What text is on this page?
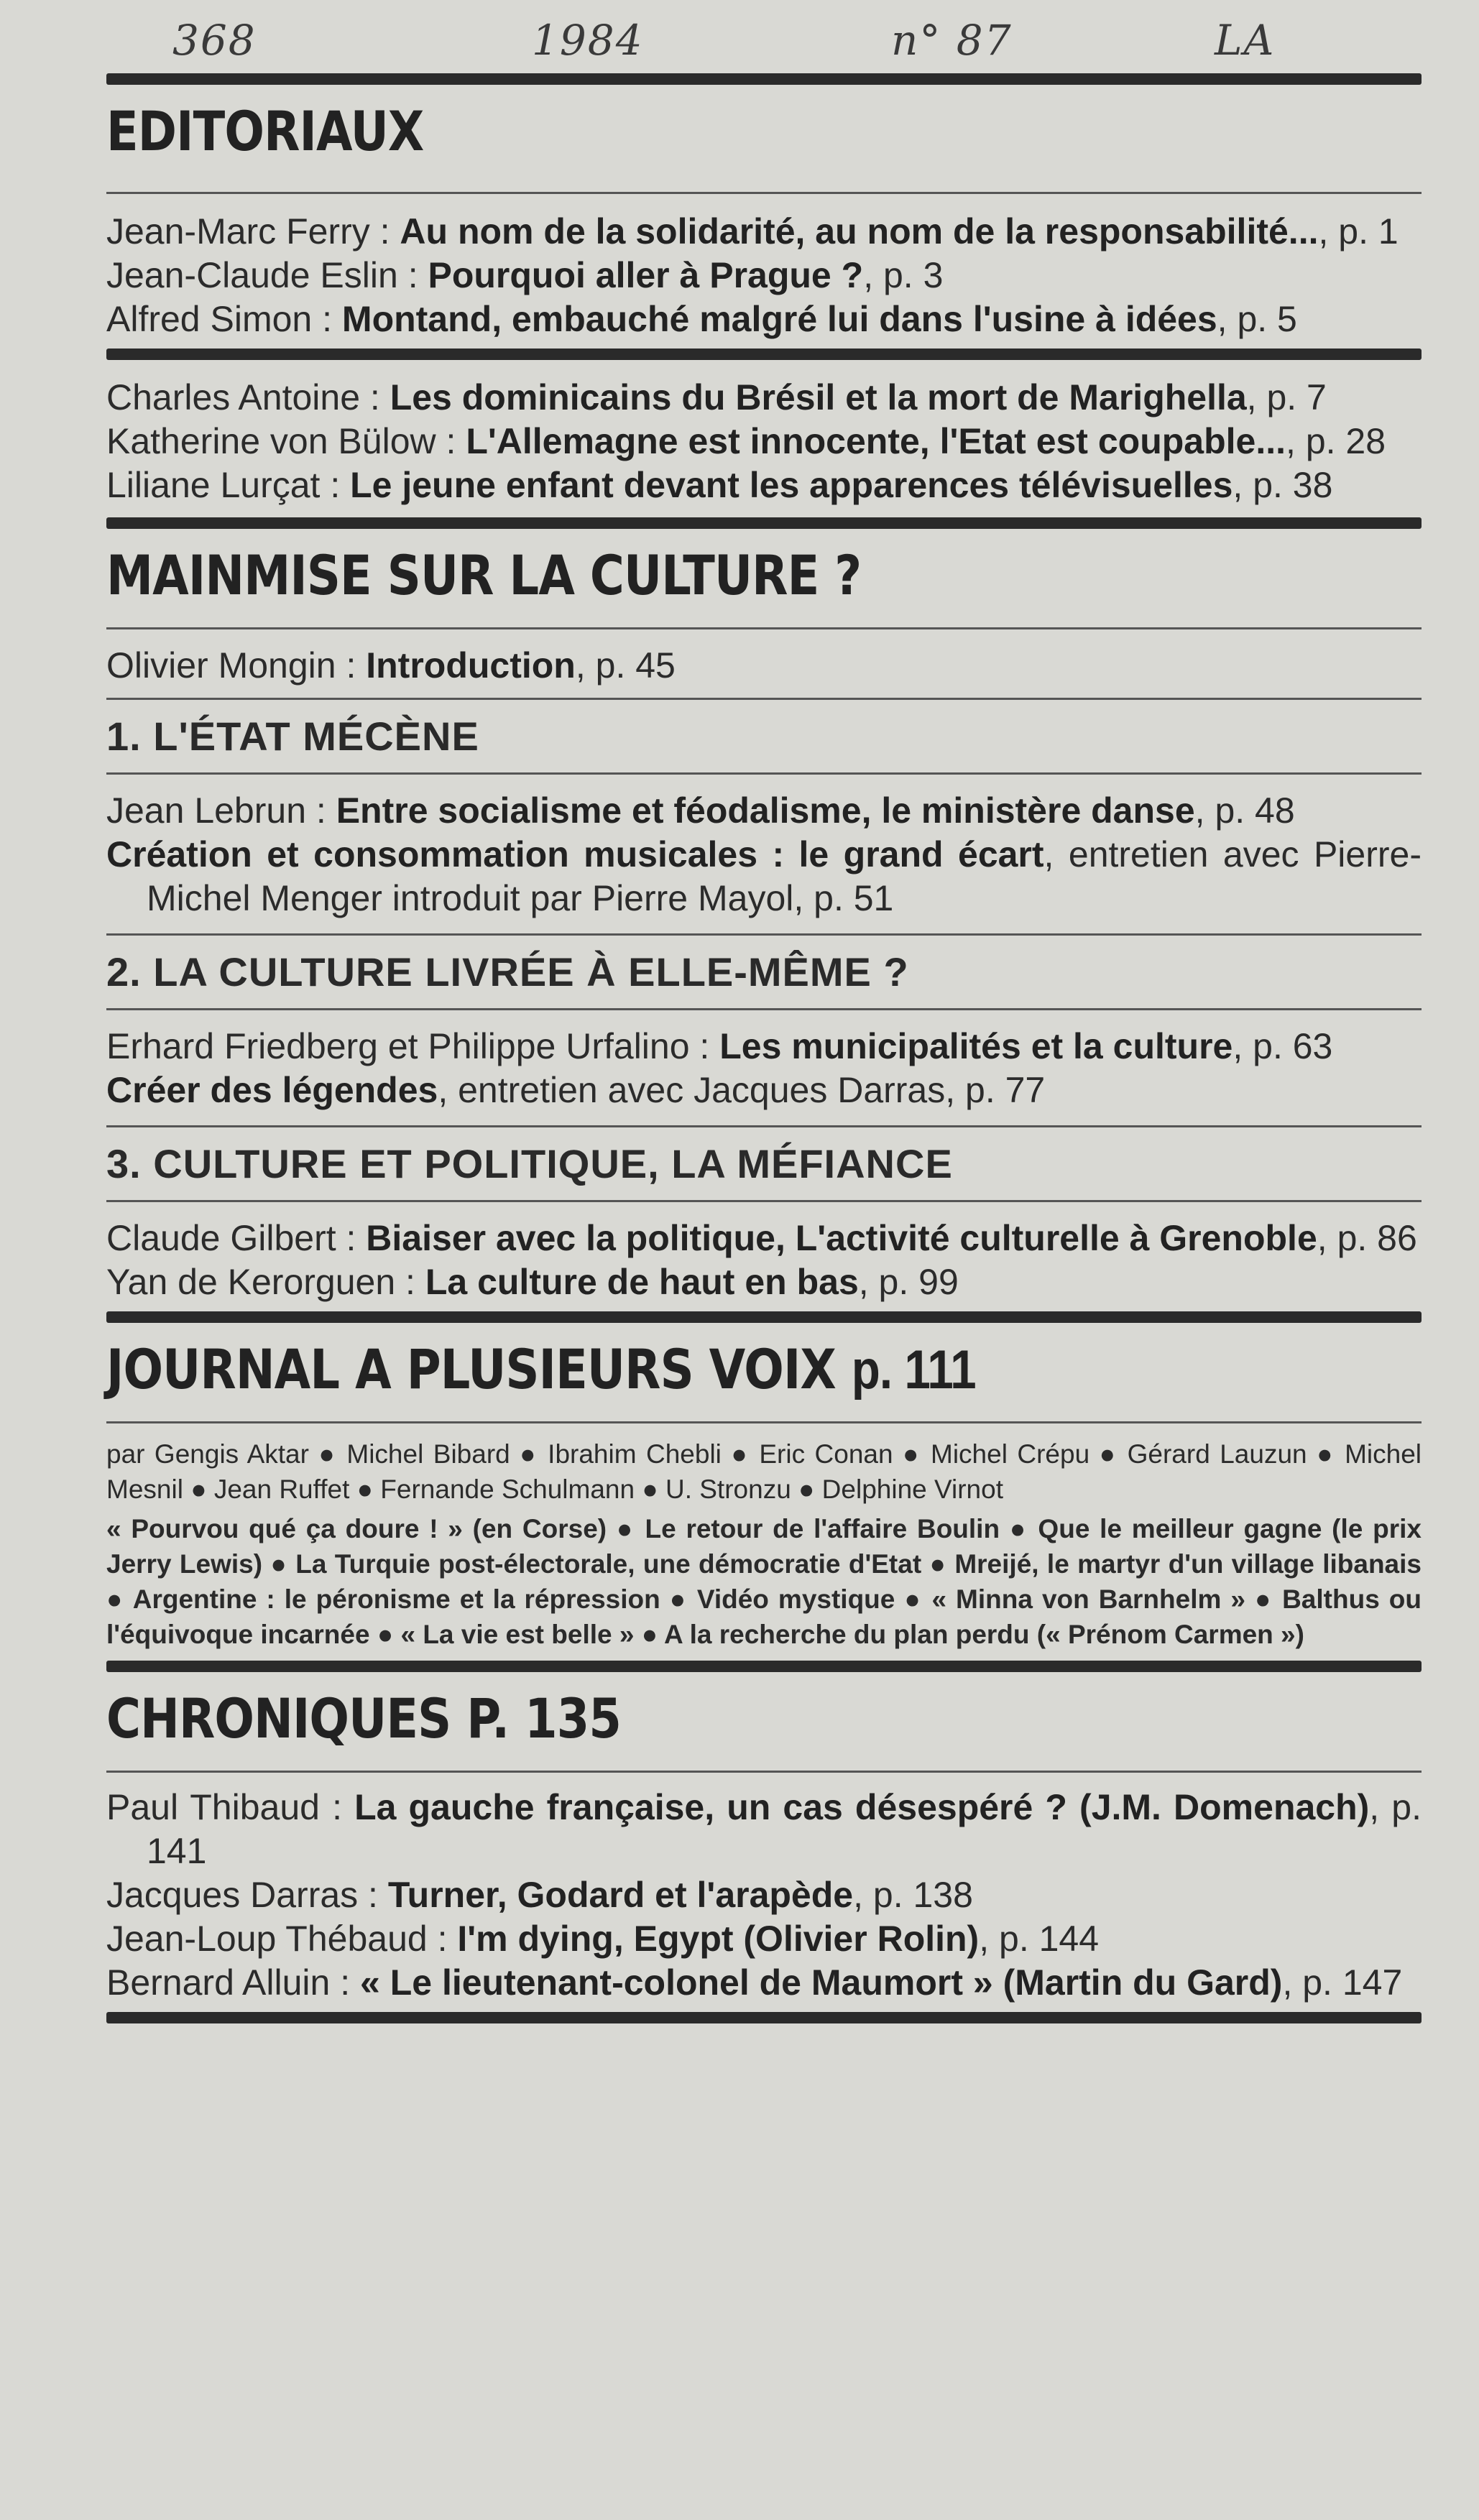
368	1984	n° 87	LA
EDITORIAUX
Jean-Marc Ferry : Au nom de la solidarité, au nom de la responsabilité..., p. 1
Jean-Claude Eslin : Pourquoi aller à Prague ?, p. 3
Alfred Simon : Montand, embauché malgré lui dans l'usine à idées, p. 5
Charles Antoine : Les dominicains du Brésil et la mort de Marighella, p. 7
Katherine von Bülow : L'Allemagne est innocente, l'Etat est coupable..., p. 28
Liliane Lurçat : Le jeune enfant devant les apparences télévisuelles, p. 38
MAINMISE SUR LA CULTURE ?
Olivier Mongin : Introduction, p. 45
1. L'ÉTAT MÉCÈNE
Jean Lebrun : Entre socialisme et féodalisme, le ministère danse, p. 48
Création et consommation musicales : le grand écart, entretien avec Pierre-Michel Menger introduit par Pierre Mayol, p. 51
2. LA CULTURE LIVRÉE À ELLE-MÊME ?
Erhard Friedberg et Philippe Urfalino : Les municipalités et la culture, p. 63
Créer des légendes, entretien avec Jacques Darras, p. 77
3. CULTURE ET POLITIQUE, LA MÉFIANCE
Claude Gilbert : Biaiser avec la politique, L'activité culturelle à Grenoble, p. 86
Yan de Kerorguen : La culture de haut en bas, p. 99
JOURNAL A PLUSIEURS VOIX p. 111
par Gengis Aktar ● Michel Bibard ● Ibrahim Chebli ● Eric Conan ● Michel Crépu ● Gérard Lauzun ● Michel Mesnil ● Jean Ruffet ● Fernande Schulmann ● U. Stronzu ● Delphine Virnot
« Pourvou qué ça doure ! » (en Corse) ● Le retour de l'affaire Boulin ● Que le meilleur gagne (le prix Jerry Lewis) ● La Turquie post-électorale, une démocratie d'Etat ● Mreijé, le martyr d'un village libanais ● Argentine : le péronisme et la répression ● Vidéo mystique ● « Minna von Barnhelm » ● Balthus ou l'équivoque incarnée ● « La vie est belle » ● A la recherche du plan perdu (« Prénom Carmen »)
CHRONIQUES P. 135
Paul Thibaud : La gauche française, un cas désespéré ? (J.M. Domenach), p. 141
Jacques Darras : Turner, Godard et l'arapède, p. 138
Jean-Loup Thébaud : I'm dying, Egypt (Olivier Rolin), p. 144
Bernard Alluin : « Le lieutenant-colonel de Maumort » (Martin du Gard), p. 147
